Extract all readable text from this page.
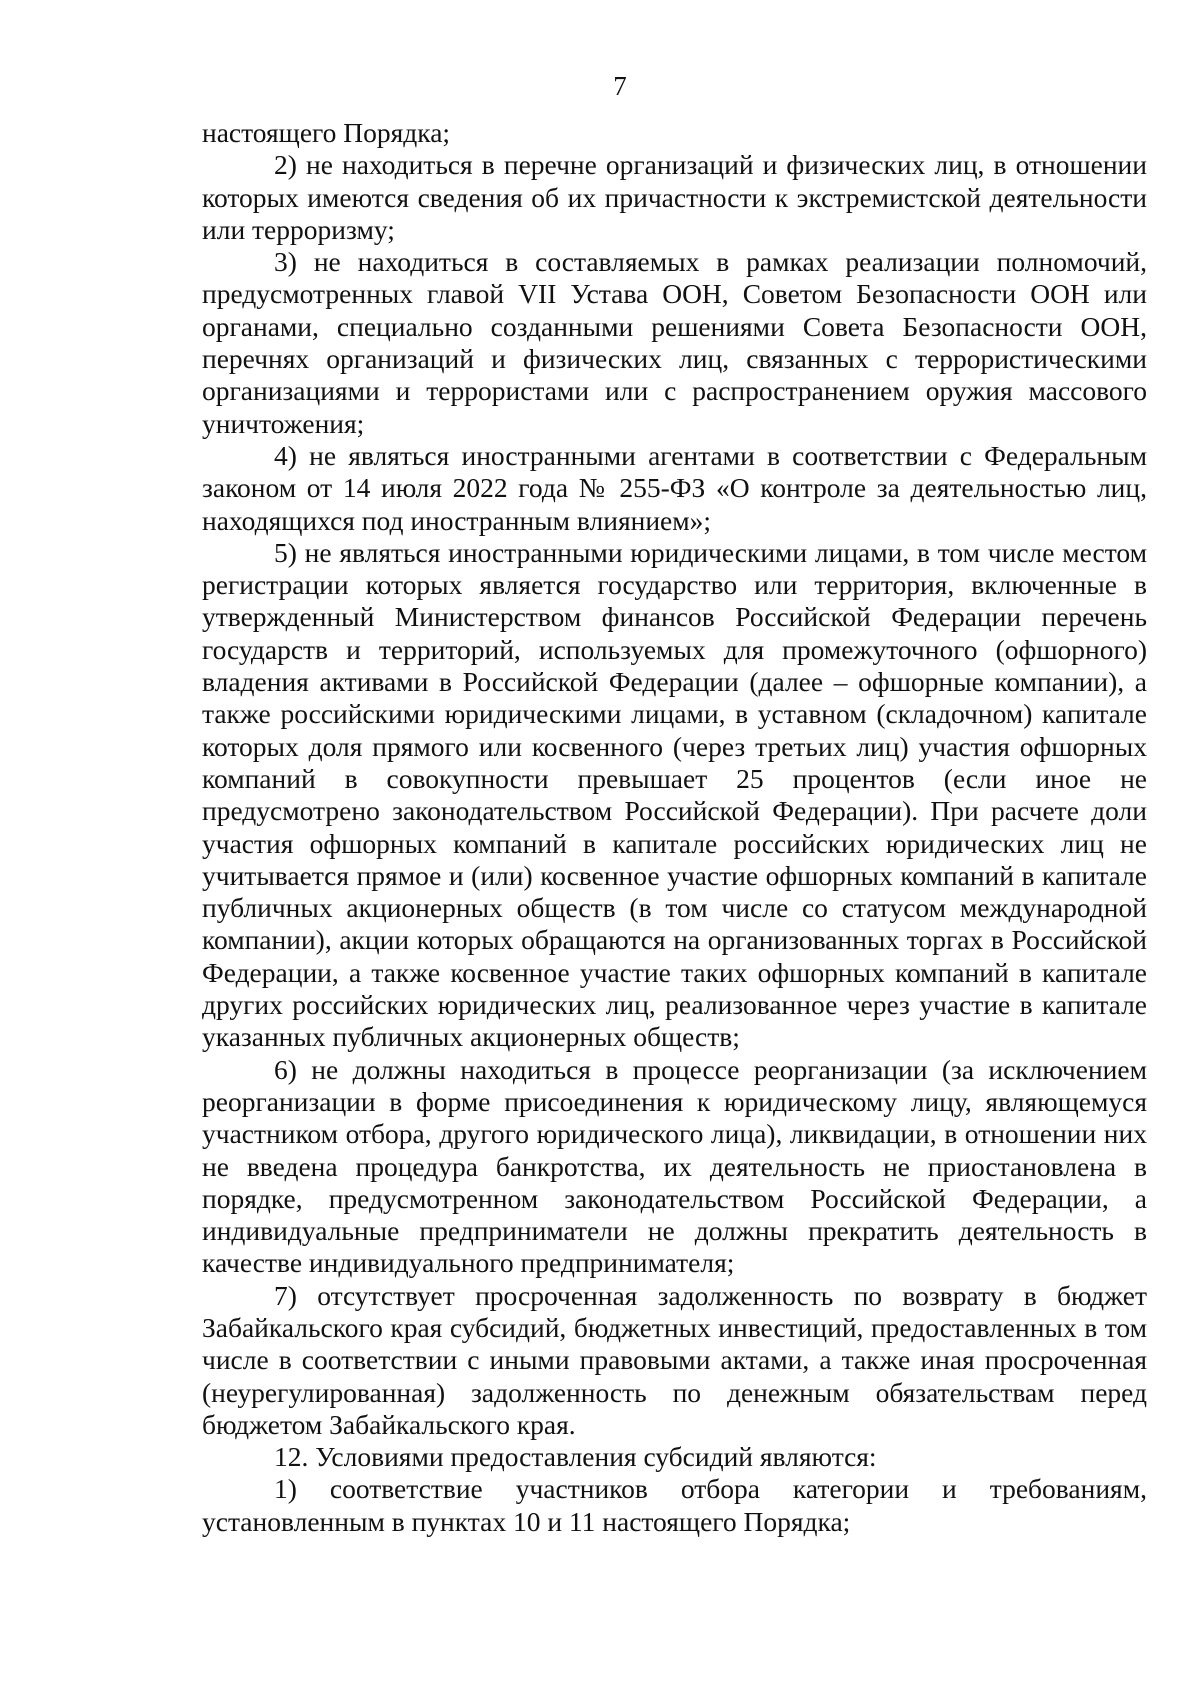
7

настоящего Порядка;

2) не находиться в перечне организаций и физических лиц, в отношении которых имеются сведения об их причастности к экстремистской деятельности или терроризму;

3) не находиться в составляемых в рамках реализации полномочий, предусмотренных главой VII Устава ООН, Советом Безопасности ООН или органами, специально созданными решениями Совета Безопасности ООН, перечнях организаций и физических лиц, связанных с террористическими организациями и террористами или с распространением оружия массового уничтожения;

4) не являться иностранными агентами в соответствии с Федеральным законом от 14 июля 2022 года № 255-ФЗ «О контроле за деятельностью лиц, находящихся под иностранным влиянием»;

5) не являться иностранными юридическими лицами, в том числе местом регистрации которых является государство или территория, включенные в утвержденный Министерством финансов Российской Федерации перечень государств и территорий, используемых для промежуточного (офшорного) владения активами в Российской Федерации (далее – офшорные компании), а также российскими юридическими лицами, в уставном (складочном) капитале которых доля прямого или косвенного (через третьих лиц) участия офшорных компаний в совокупности превышает 25 процентов (если иное не предусмотрено законодательством Российской Федерации). При расчете доли участия офшорных компаний в капитале российских юридических лиц не учитывается прямое и (или) косвенное участие офшорных компаний в капитале публичных акционерных обществ (в том числе со статусом международной компании), акции которых обращаются на организованных торгах в Российской Федерации, а также косвенное участие таких офшорных компаний в капитале других российских юридических лиц, реализованное через участие в капитале указанных публичных акционерных обществ;

6) не должны находиться в процессе реорганизации (за исключением реорганизации в форме присоединения к юридическому лицу, являющемуся участником отбора, другого юридического лица), ликвидации, в отношении них не введена процедура банкротства, их деятельность не приостановлена в порядке, предусмотренном законодательством Российской Федерации, а индивидуальные предприниматели не должны прекратить деятельность в качестве индивидуального предпринимателя;

7) отсутствует просроченная задолженность по возврату в бюджет Забайкальского края субсидий, бюджетных инвестиций, предоставленных в том числе в соответствии с иными правовыми актами, а также иная просроченная (неурегулированная) задолженность по денежным обязательствам перед бюджетом Забайкальского края.

12. Условиями предоставления субсидий являются:

1) соответствие участников отбора категории и требованиям, установленным в пунктах 10 и 11 настоящего Порядка;
